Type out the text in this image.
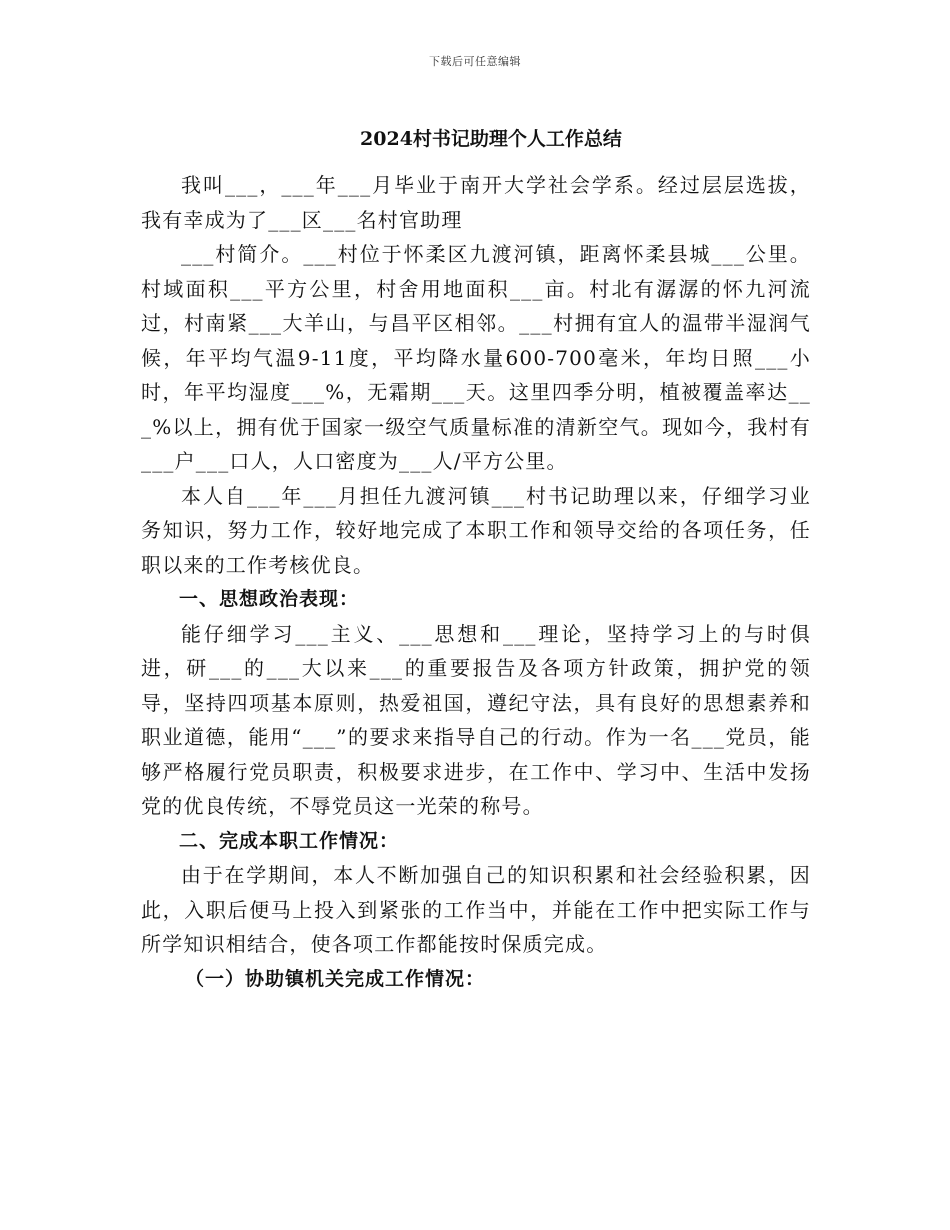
下载后可任意编辑
2024村书记助理个人工作总结

我叫___，___年___月毕业于南开大学社会学系。经过层层选拔，我有幸成为了___区___名村官助理

___村简介。___村位于怀柔区九渡河镇，距离怀柔县城___公里。村域面积___平方公里，村舍用地面积___亩。村北有潺潺的怀九河流过，村南紧___大羊山，与昌平区相邻。___村拥有宜人的温带半湿润气候，年平均气温9-11度，平均降水量600-700毫米，年均日照___小时，年平均湿度___%，无霜期___天。这里四季分明，植被覆盖率达___%以上，拥有优于国家一级空气质量标准的清新空气。现如今，我村有___户___口人，人口密度为___人/平方公里。

本人自___年___月担任九渡河镇___村书记助理以来，仔细学习业务知识，努力工作，较好地完成了本职工作和领导交给的各项任务，任职以来的工作考核优良。

一、思想政治表现：

能仔细学习___主义、___思想和___理论，坚持学习上的与时俱进，研___的___大以来___的重要报告及各项方针政策，拥护党的领导，坚持四项基本原则，热爱祖国，遵纪守法，具有良好的思想素养和职业道德，能用“___”的要求来指导自己的行动。作为一名___党员，能够严格履行党员职责，积极要求进步，在工作中、学习中、生活中发扬党的优良传统，不辱党员这一光荣的称号。

二、完成本职工作情况：

由于在学期间，本人不断加强自己的知识积累和社会经验积累，因此，入职后便马上投入到紧张的工作当中，并能在工作中把实际工作与所学知识相结合，使各项工作都能按时保质完成。

（一）协助镇机关完成工作情况：
